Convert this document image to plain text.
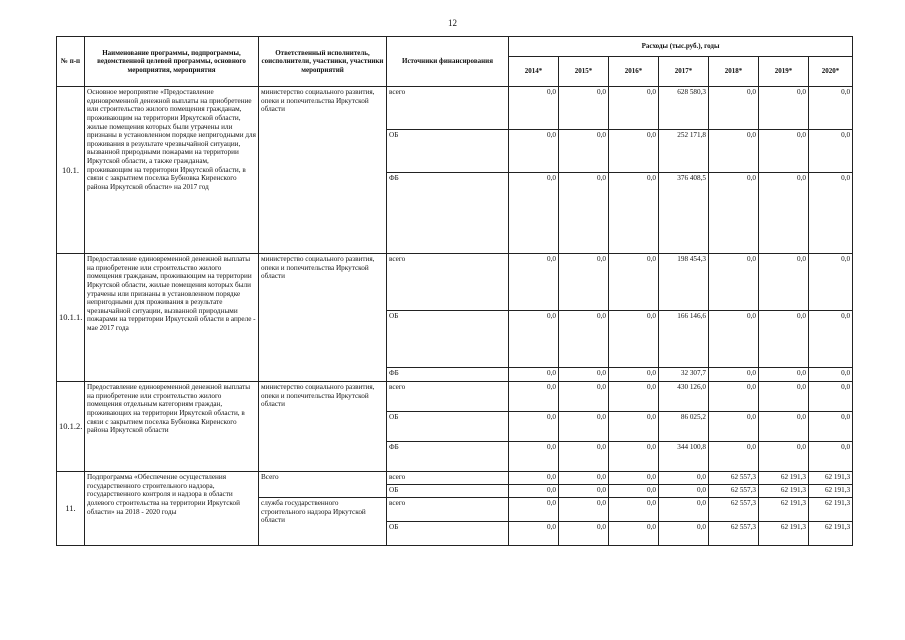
12
№ п-п	Наименование программы, подпрограммы, ведомственной целевой программы, основного мероприятия, мероприятия	Ответственный исполнитель, соисполнители, участники, участники мероприятий	Источники финансирования	Расходы (тыс.руб.), годы						
				2014*	2015*	2016*	2017*	2018*	2019*	2020*
10.1.	Основное мероприятие «Предоставление единовременной денежной выплаты на приобретение или строительство жилого помещения гражданам, проживающим на территории Иркутской области, жилые помещения которых были утрачены или признаны в установленном порядке непригодными для проживания в результате чрезвычайной ситуации, вызванной природными пожарами на территории Иркутской области, а также гражданам, проживающим на территории Иркутской области, в связи с закрытием поселка Бубновка Киренского района Иркутской области» на 2017 год	министерство социального развития, опеки и попечительства Иркутской области	всего	0,0	0,0	0,0	628 580,3	0,0	0,0	0,0
			ОБ	0,0	0,0	0,0	252 171,8	0,0	0,0	0,0
			ФБ	0,0	0,0	0,0	376 408,5	0,0	0,0	0,0
10.1.1.	Предоставление единовременной денежной выплаты на приобретение или строительство жилого помещения гражданам, проживающим на территории Иркутской области, жилые помещения которых были утрачены или признаны в установленном порядке непригодными для проживания в результате чрезвычайной ситуации, вызванной природными пожарами на территории Иркутской области в апреле - мае 2017 года	министерство социального развития, опеки и попечительства Иркутской области	всего	0,0	0,0	0,0	198 454,3	0,0	0,0	0,0
			ОБ	0,0	0,0	0,0	166 146,6	0,0	0,0	0,0
			ФБ	0,0	0,0	0,0	32 307,7	0,0	0,0	0,0
10.1.2.	Предоставление единовременной денежной выплаты на приобретение или строительство жилого помещения отдельным категориям граждан, проживающих на территории Иркутской области, в связи с закрытием поселка Бубновка Киренского района Иркутской области	министерство социального развития, опеки и попечительства Иркутской области	всего	0,0	0,0	0,0	430 126,0	0,0	0,0	0,0
			ОБ	0,0	0,0	0,0	86 025,2	0,0	0,0	0,0
			ФБ	0,0	0,0	0,0	344 100,8	0,0	0,0	0,0
11.	Подпрограмма «Обеспечение осуществления государственного строительного надзора, государственного контроля и надзора в области долевого строительства на территории Иркутской области» на 2018 - 2020 годы	Всего	всего	0,0	0,0	0,0	0,0	62 557,3	62 191,3	62 191,3
			ОБ	0,0	0,0	0,0	0,0	62 557,3	62 191,3	62 191,3
		служба государственного строительного надзора Иркутской области	всего	0,0	0,0	0,0	0,0	62 557,3	62 191,3	62 191,3
			ОБ	0,0	0,0	0,0	0,0	62 557,3	62 191,3	62 191,3
